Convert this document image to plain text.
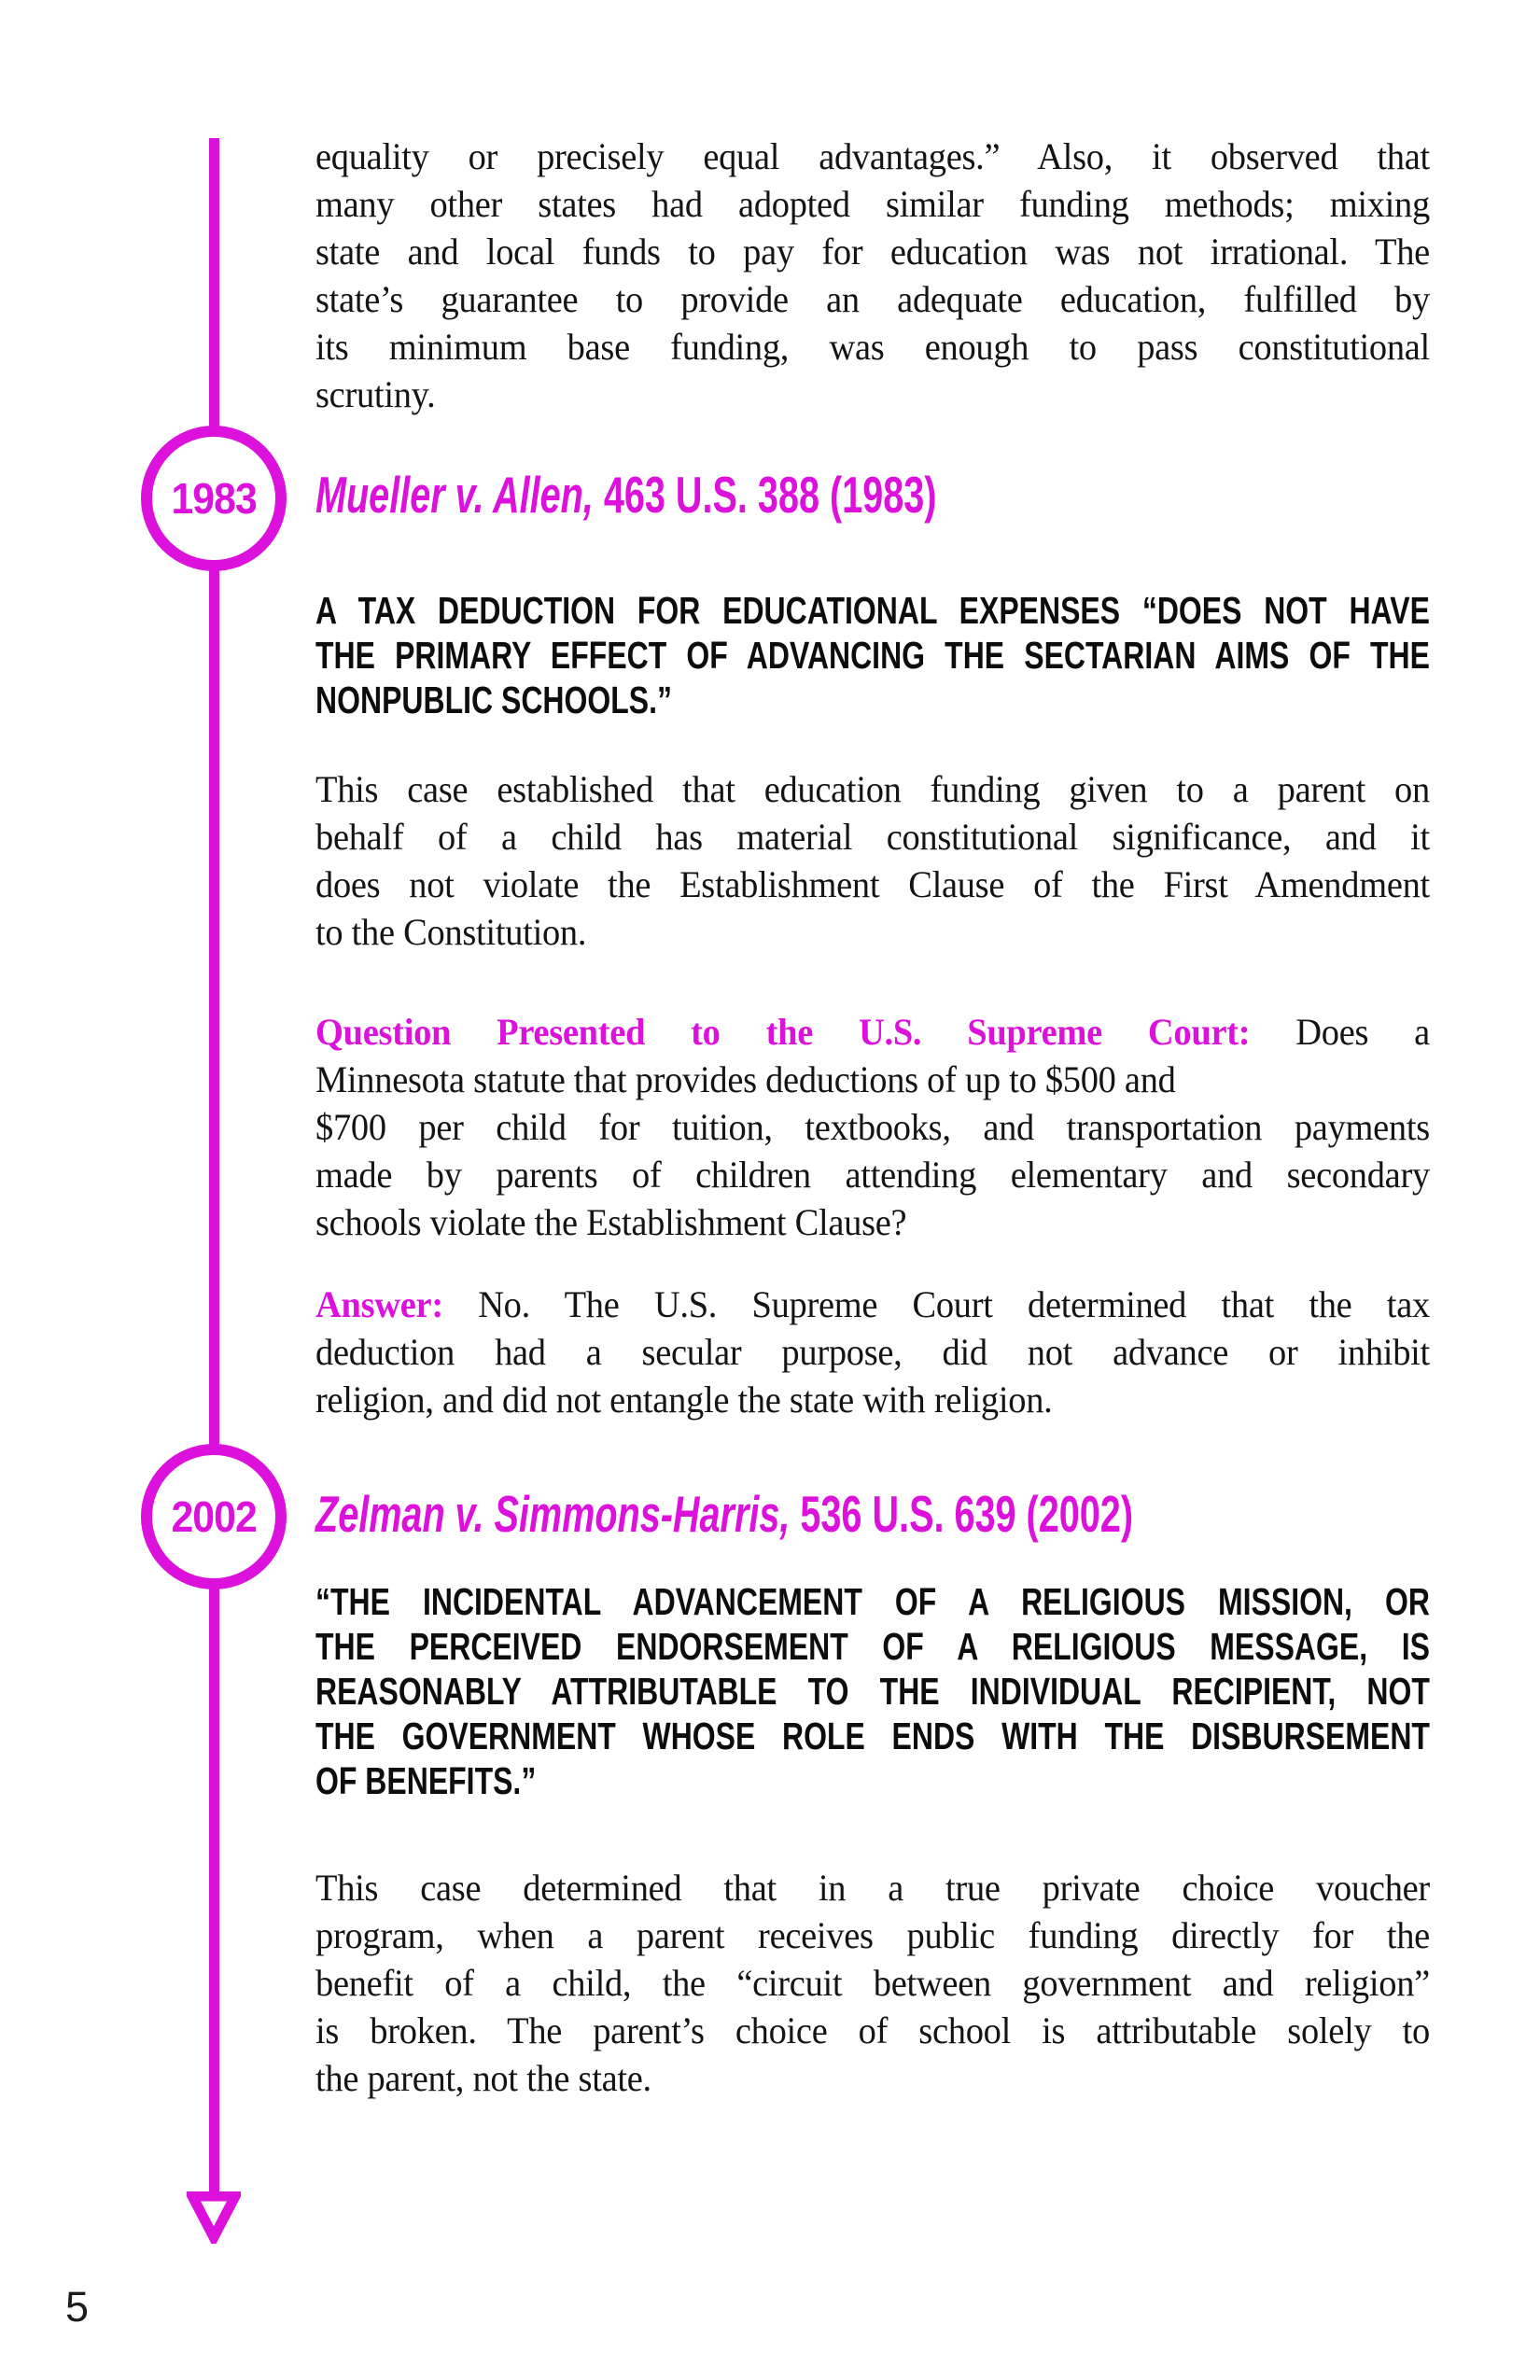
1983
2002
equality or precisely equal advantages.” Also, it observed that
many other states had adopted similar funding methods; mixing
state and local funds to pay for education was not irrational. The
state’s guarantee to provide an adequate education, fulfilled by
its minimum base funding, was enough to pass constitutional
scrutiny.
Mueller v. Allen, 463 U.S. 388 (1983)
A TAX DEDUCTION FOR EDUCATIONAL EXPENSES “DOES NOT HAVE
THE PRIMARY EFFECT OF ADVANCING THE SECTARIAN AIMS OF THE
NONPUBLIC SCHOOLS.”
This case established that education funding given to a parent on
behalf of a child has material constitutional significance, and it
does not violate the Establishment Clause of the First Amendment
to the Constitution.
Question Presented to the U.S. Supreme Court: Does a
Minnesota statute that provides deductions of up to $500 and
$700 per child for tuition, textbooks, and transportation payments
made by parents of children attending elementary and secondary
schools violate the Establishment Clause?
Answer: No. The U.S. Supreme Court determined that the tax
deduction had a secular purpose, did not advance or inhibit
religion, and did not entangle the state with religion.
Zelman v. Simmons-Harris, 536 U.S. 639 (2002)
“THE INCIDENTAL ADVANCEMENT OF A RELIGIOUS MISSION, OR
THE PERCEIVED ENDORSEMENT OF A RELIGIOUS MESSAGE, IS
REASONABLY ATTRIBUTABLE TO THE INDIVIDUAL RECIPIENT, NOT
THE GOVERNMENT WHOSE ROLE ENDS WITH THE DISBURSEMENT
OF BENEFITS.”
This case determined that in a true private choice voucher
program, when a parent receives public funding directly for the
benefit of a child, the “circuit between government and religion”
is broken. The parent’s choice of school is attributable solely to
the parent, not the state.
5
